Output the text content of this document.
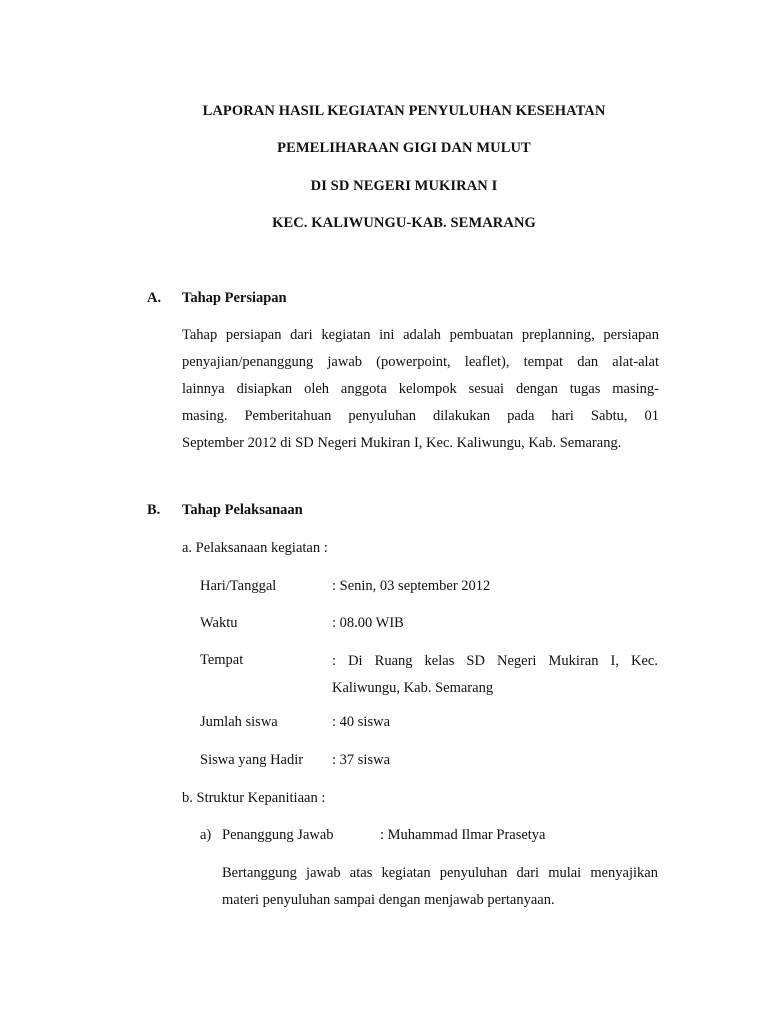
LAPORAN HASIL KEGIATAN PENYULUHAN KESEHATAN
PEMELIHARAAN GIGI DAN MULUT
DI SD NEGERI MUKIRAN I
KEC. KALIWUNGU-KAB. SEMARANG
A. Tahap Persiapan
Tahap persiapan dari kegiatan ini adalah pembuatan preplanning, persiapan
penyajian/penanggung jawab (powerpoint, leaflet), tempat dan alat-alat
lainnya disiapkan oleh anggota kelompok sesuai dengan tugas masing-
masing. Pemberitahuan penyuluhan dilakukan pada hari Sabtu, 01
September 2012 di SD Negeri Mukiran I, Kec. Kaliwungu, Kab. Semarang.
B. Tahap Pelaksanaan
a. Pelaksanaan kegiatan :
Hari/Tanggal	: Senin, 03 september 2012
Waktu	: 08.00 WIB
Tempat	: Di Ruang kelas SD Negeri Mukiran I, Kec.
Kaliwungu, Kab. Semarang
Jumlah siswa	: 40 siswa
Siswa yang Hadir : 37 siswa
b. Struktur Kepanitiaan :
a) Penanggung Jawab	: Muhammad Ilmar Prasetya
Bertanggung jawab atas kegiatan penyuluhan dari mulai menyajikan
materi penyuluhan sampai dengan menjawab pertanyaan.
